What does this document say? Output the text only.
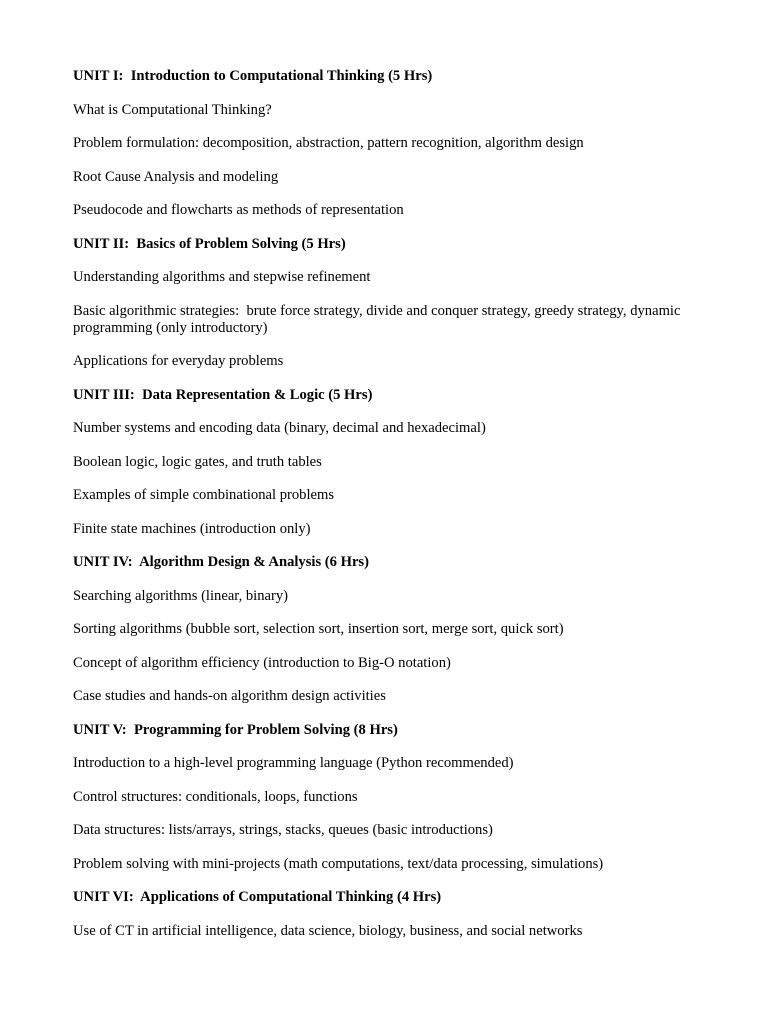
UNIT I:  Introduction to Computational Thinking (5 Hrs)
What is Computational Thinking?
Problem formulation: decomposition, abstraction, pattern recognition, algorithm design
Root Cause Analysis and modeling
Pseudocode and flowcharts as methods of representation
UNIT II:  Basics of Problem Solving (5 Hrs)
Understanding algorithms and stepwise refinement
Basic algorithmic strategies:  brute force strategy, divide and conquer strategy, greedy strategy, dynamic programming (only introductory)
Applications for everyday problems
UNIT III:  Data Representation & Logic (5 Hrs)
Number systems and encoding data (binary, decimal and hexadecimal)
Boolean logic, logic gates, and truth tables
Examples of simple combinational problems
Finite state machines (introduction only)
UNIT IV:  Algorithm Design & Analysis (6 Hrs)
Searching algorithms (linear, binary)
Sorting algorithms (bubble sort, selection sort, insertion sort, merge sort, quick sort)
Concept of algorithm efficiency (introduction to Big-O notation)
Case studies and hands-on algorithm design activities
UNIT V:  Programming for Problem Solving (8 Hrs)
Introduction to a high-level programming language (Python recommended)
Control structures: conditionals, loops, functions
Data structures: lists/arrays, strings, stacks, queues (basic introductions)
Problem solving with mini-projects (math computations, text/data processing, simulations)
UNIT VI:  Applications of Computational Thinking (4 Hrs)
Use of CT in artificial intelligence, data science, biology, business, and social networks
